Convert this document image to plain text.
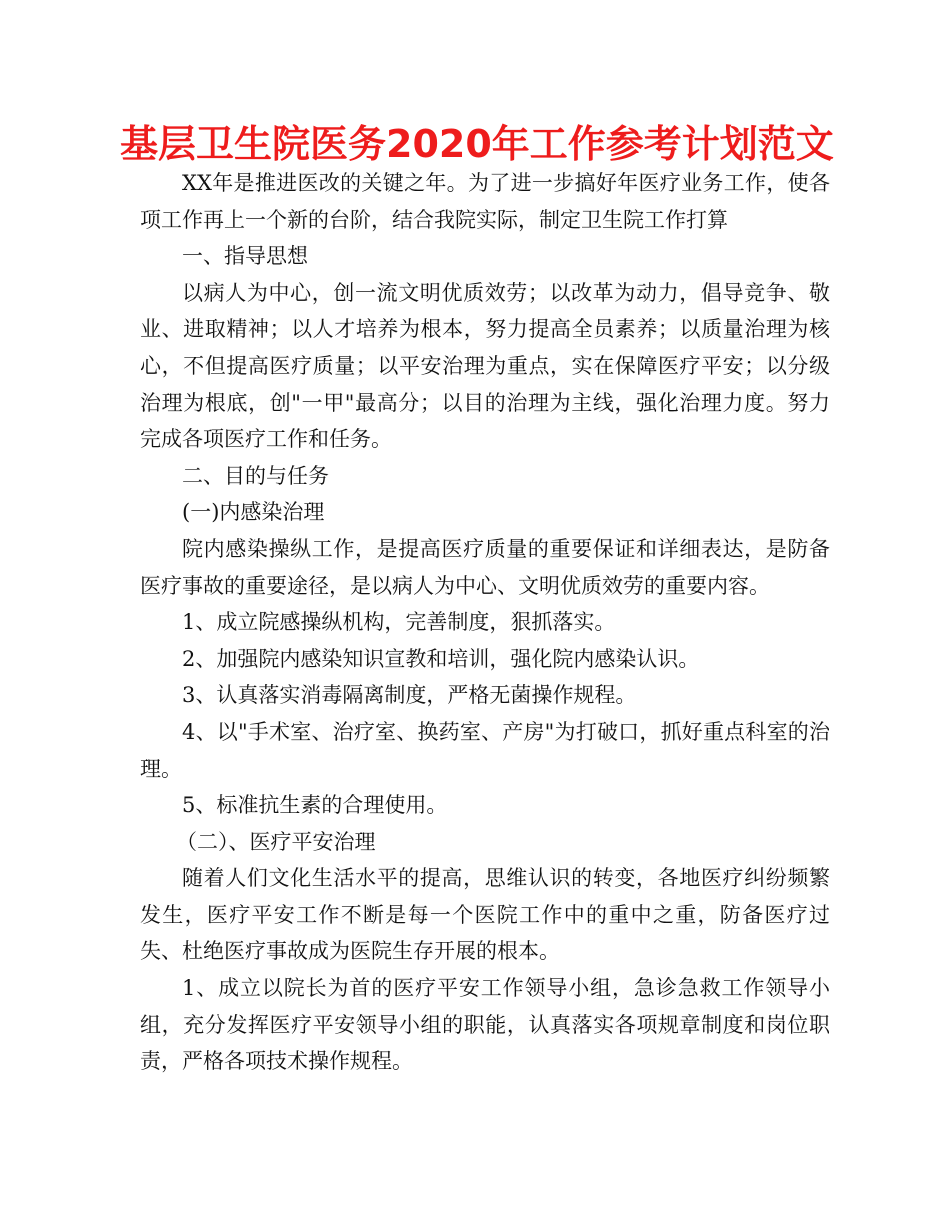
基层卫生院医务2020年工作参考计划范文

XX年是推进医改的关键之年。为了进一步搞好年医疗业务工作，使各项工作再上一个新的台阶，结合我院实际，制定卫生院工作打算

一、指导思想

以病人为中心，创一流文明优质效劳；以改革为动力，倡导竞争、敬业、进取精神；以人才培养为根本，努力提高全员素养；以质量治理为核心，不但提高医疗质量；以平安治理为重点，实在保障医疗平安；以分级治理为根底，创"一甲"最高分；以目的治理为主线，强化治理力度。努力完成各项医疗工作和任务。

二、目的与任务

(一)内感染治理

院内感染操纵工作，是提高医疗质量的重要保证和详细表达，是防备医疗事故的重要途径，是以病人为中心、文明优质效劳的重要内容。

1、成立院感操纵机构，完善制度，狠抓落实。

2、加强院内感染知识宣教和培训，强化院内感染认识。

3、认真落实消毒隔离制度，严格无菌操作规程。

4、以"手术室、治疗室、换药室、产房"为打破口，抓好重点科室的治理。

5、标准抗生素的合理使用。

（二）、医疗平安治理

随着人们文化生活水平的提高，思维认识的转变，各地医疗纠纷频繁发生，医疗平安工作不断是每一个医院工作中的重中之重，防备医疗过失、杜绝医疗事故成为医院生存开展的根本。

1、成立以院长为首的医疗平安工作领导小组，急诊急救工作领导小组，充分发挥医疗平安领导小组的职能，认真落实各项规章制度和岗位职责，严格各项技术操作规程。
